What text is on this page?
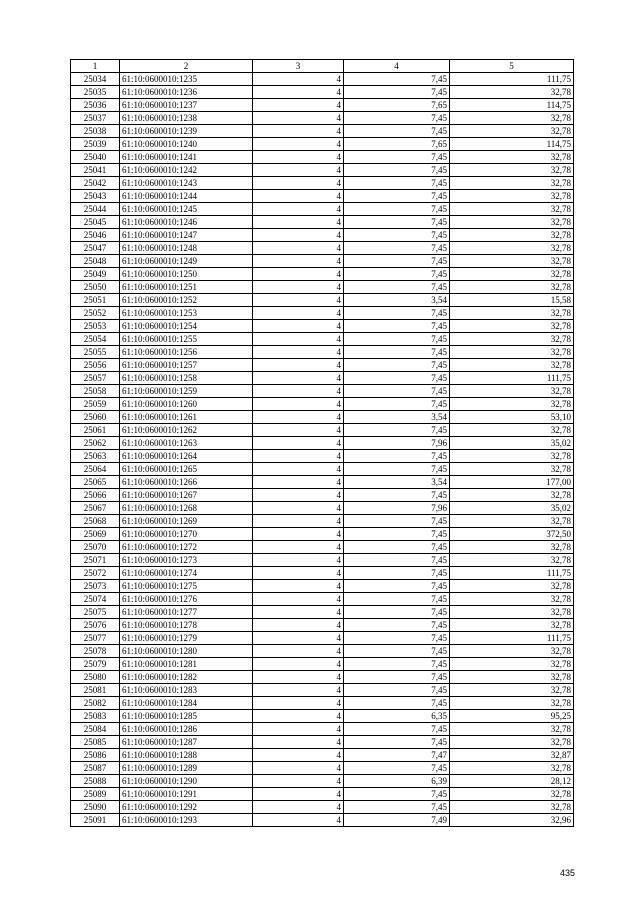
1	2	3	4	5
25034	61:10:0600010:1235	4	7,45	111,75
25035	61:10:0600010:1236	4	7,45	32,78
25036	61:10:0600010:1237	4	7,65	114,75
25037	61:10:0600010:1238	4	7,45	32,78
25038	61:10:0600010:1239	4	7,45	32,78
25039	61:10:0600010:1240	4	7,65	114,75
25040	61:10:0600010:1241	4	7,45	32,78
25041	61:10:0600010:1242	4	7,45	32,78
25042	61:10:0600010:1243	4	7,45	32,78
25043	61:10:0600010:1244	4	7,45	32,78
25044	61:10:0600010:1245	4	7,45	32,78
25045	61:10:0600010:1246	4	7,45	32,78
25046	61:10:0600010:1247	4	7,45	32,78
25047	61:10:0600010:1248	4	7,45	32,78
25048	61:10:0600010:1249	4	7,45	32,78
25049	61:10:0600010:1250	4	7,45	32,78
25050	61:10:0600010:1251	4	7,45	32,78
25051	61:10:0600010:1252	4	3,54	15,58
25052	61:10:0600010:1253	4	7,45	32,78
25053	61:10:0600010:1254	4	7,45	32,78
25054	61:10:0600010:1255	4	7,45	32,78
25055	61:10:0600010:1256	4	7,45	32,78
25056	61:10:0600010:1257	4	7,45	32,78
25057	61:10:0600010:1258	4	7,45	111,75
25058	61:10:0600010:1259	4	7,45	32,78
25059	61:10:0600010:1260	4	7,45	32,78
25060	61:10:0600010:1261	4	3,54	53,10
25061	61:10:0600010:1262	4	7,45	32,78
25062	61:10:0600010:1263	4	7,96	35,02
25063	61:10:0600010:1264	4	7,45	32,78
25064	61:10:0600010:1265	4	7,45	32,78
25065	61:10:0600010:1266	4	3,54	177,00
25066	61:10:0600010:1267	4	7,45	32,78
25067	61:10:0600010:1268	4	7,96	35,02
25068	61:10:0600010:1269	4	7,45	32,78
25069	61:10:0600010:1270	4	7,45	372,50
25070	61:10:0600010:1272	4	7,45	32,78
25071	61:10:0600010:1273	4	7,45	32,78
25072	61:10:0600010:1274	4	7,45	111,75
25073	61:10:0600010:1275	4	7,45	32,78
25074	61:10:0600010:1276	4	7,45	32,78
25075	61:10:0600010:1277	4	7,45	32,78
25076	61:10:0600010:1278	4	7,45	32,78
25077	61:10:0600010:1279	4	7,45	111,75
25078	61:10:0600010:1280	4	7,45	32,78
25079	61:10:0600010:1281	4	7,45	32,78
25080	61:10:0600010:1282	4	7,45	32,78
25081	61:10:0600010:1283	4	7,45	32,78
25082	61:10:0600010:1284	4	7,45	32,78
25083	61:10:0600010:1285	4	6,35	95,25
25084	61:10:0600010:1286	4	7,45	32,78
25085	61:10:0600010:1287	4	7,45	32,78
25086	61:10:0600010:1288	4	7,47	32,87
25087	61:10:0600010:1289	4	7,45	32,78
25088	61:10:0600010:1290	4	6,39	28,12
25089	61:10:0600010:1291	4	7,45	32,78
25090	61:10:0600010:1292	4	7,45	32,78
25091	61:10:0600010:1293	4	7,49	32,96
435
